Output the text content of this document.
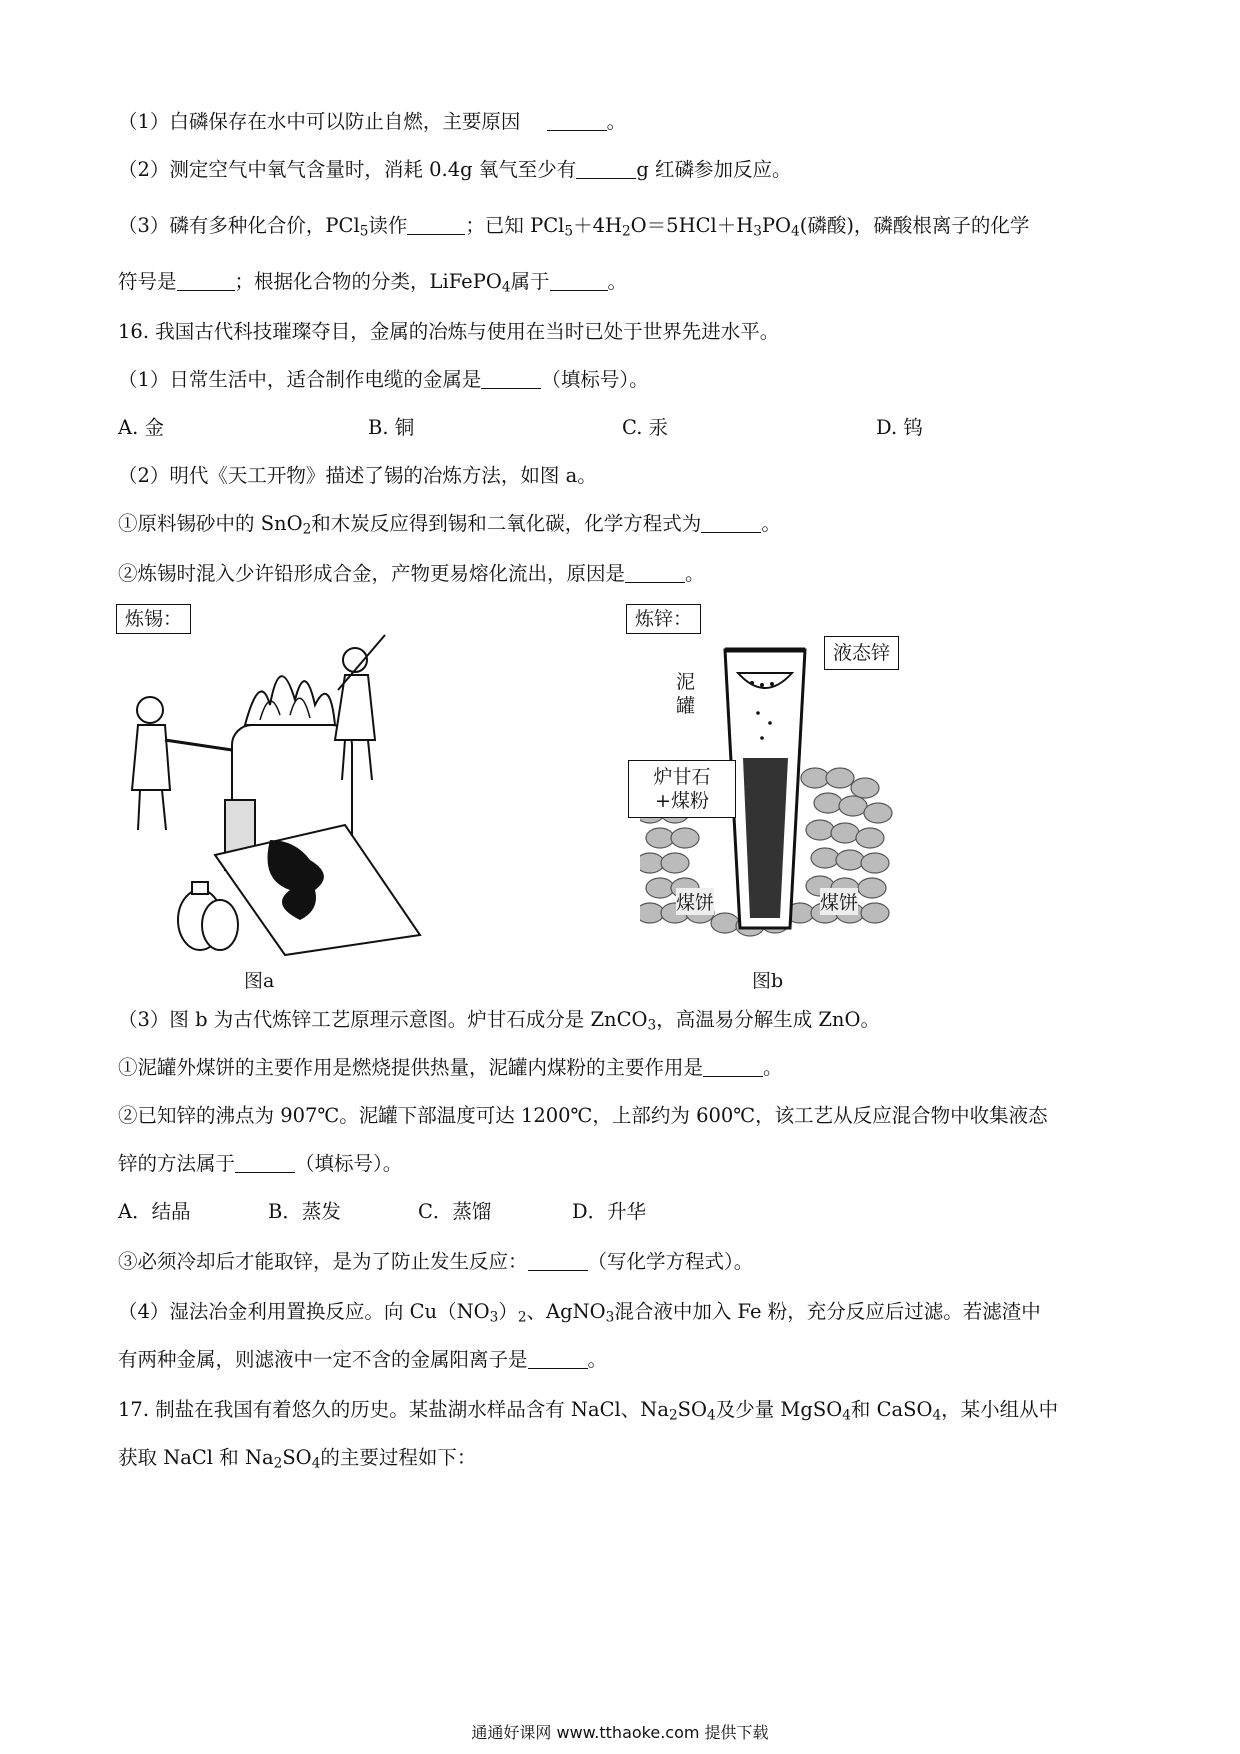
（1）白磷保存在水中可以防止自燃，主要原因	。
（2）测定空气中氧气含量时，消耗 0.4g 氧气至少有	g 红磷参加反应。
（3）磷有多种化合价，PCl$_5$读作	；已知 $PCl_5+4H_2O=5HCl+H_3PO_4$(磷酸)，磷酸根离子的化学
符号是	；根据化合物的分类，LiFePO$_4$属于	。
16. 我国古代科技璀璨夺目，金属的冶炼与使用在当时已处于世界先进水平。
（1）日常生活中，适合制作电缆的金属是	（填标号）。
A. 金	B. 铜	C. 汞	D. 钨
（2）明代《天工开物》描述了锡的冶炼方法，如图 a。
①原料锡砂中的 SnO$_2$和木炭反应得到锡和二氧化碳，化学方程式为	。
②炼锡时混入少许铅形成合金，产物更易熔化流出，原因是	。
炼锡：
图a
炼锌：
液态锌
泥罐
炉甘石
+煤粉
煤饼	煤饼
图b
（3）图 b 为古代炼锌工艺原理示意图。炉甘石成分是 ZnCO$_3$，高温易分解生成 ZnO。
①泥罐外煤饼的主要作用是燃烧提供热量，泥罐内煤粉的主要作用是	。
②已知锌的沸点为 907℃。泥罐下部温度可达 1200℃，上部约为 600℃，该工艺从反应混合物中收集液态
锌的方法属于	（填标号）。
A．结晶	B．蒸发	C．蒸馏	D．升华
③必须冷却后才能取锌，是为了防止发生反应：	（写化学方程式）。
（4）湿法冶金利用置换反应。向 $Cu(NO_3)_2$、AgNO$_3$混合液中加入 Fe 粉，充分反应后过滤。若滤渣中
有两种金属，则滤液中一定不含的金属阳离子是	。
17. 制盐在我国有着悠久的历史。某盐湖水样品含有 NaCl、$Na_2SO_4$及少量 MgSO$_4$和 CaSO$_4$，某小组从中
获取 NaCl 和 $Na_2SO_4$的主要过程如下：
通通好课网 www.tthaoke.com 提供下载
